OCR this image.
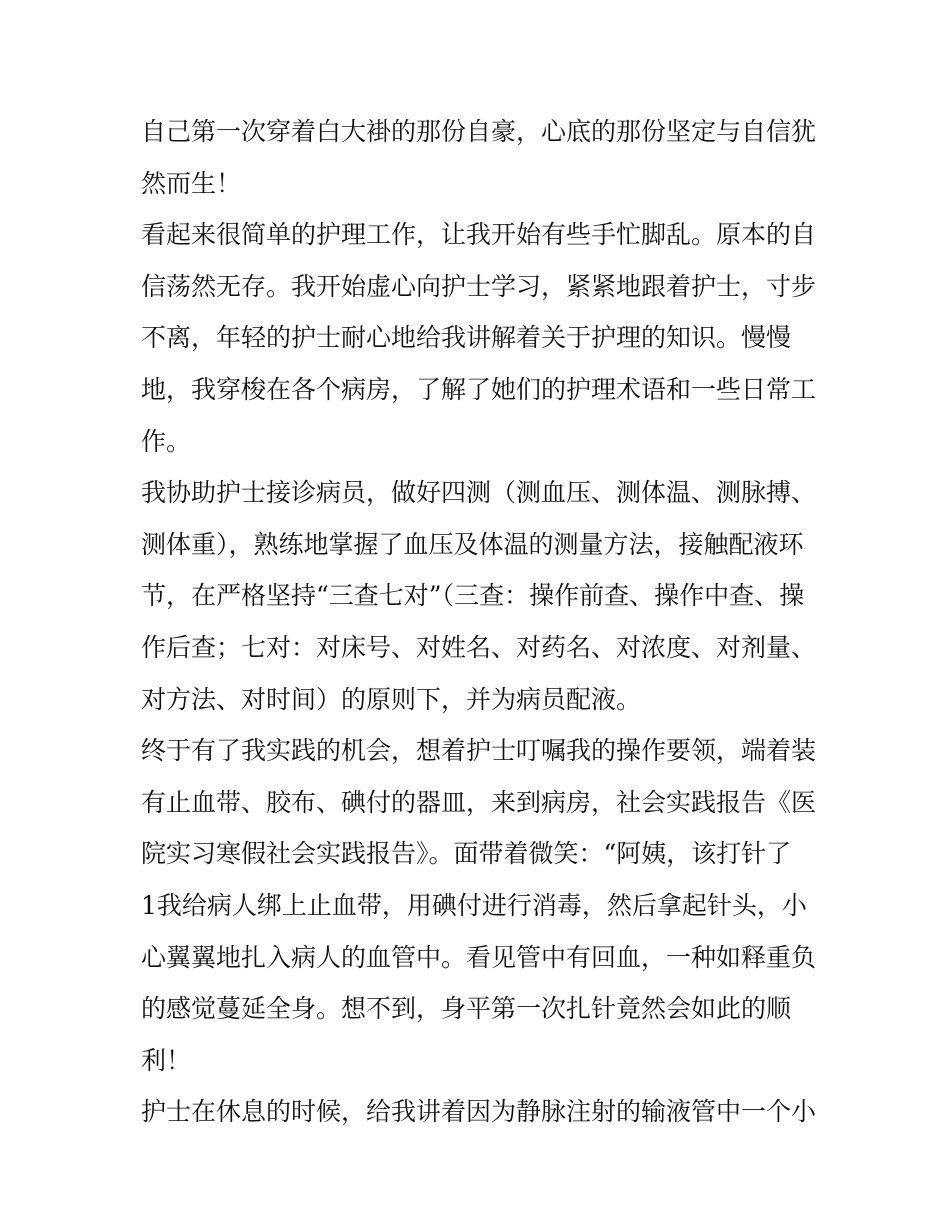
自己第一次穿着白大褂的那份自豪，心底的那份坚定与自信犹
然而生！
看起来很简单的护理工作，让我开始有些手忙脚乱。原本的自
信荡然无存。我开始虚心向护士学习，紧紧地跟着护士，寸步
不离，年轻的护士耐心地给我讲解着关于护理的知识。慢慢
地，我穿梭在各个病房，了解了她们的护理术语和一些日常工
作。
我协助护士接诊病员，做好四测（测血压、测体温、测脉搏、
测体重），熟练地掌握了血压及体温的测量方法，接触配液环
节，在严格坚持“三查七对”（三查：操作前查、操作中查、操
作后查；七对：对床号、对姓名、对药名、对浓度、对剂量、
对方法、对时间）的原则下，并为病员配液。
终于有了我实践的机会，想着护士叮嘱我的操作要领，端着装
有止血带、胶布、碘付的器皿，来到病房，社会实践报告《医
院实习寒假社会实践报告》。面带着微笑：“阿姨，该打针了
1我给病人绑上止血带，用碘付进行消毒，然后拿起针头，小
心翼翼地扎入病人的血管中。看见管中有回血，一种如释重负
的感觉蔓延全身。想不到，身平第一次扎针竟然会如此的顺
利！
护士在休息的时候，给我讲着因为静脉注射的输液管中一个小
